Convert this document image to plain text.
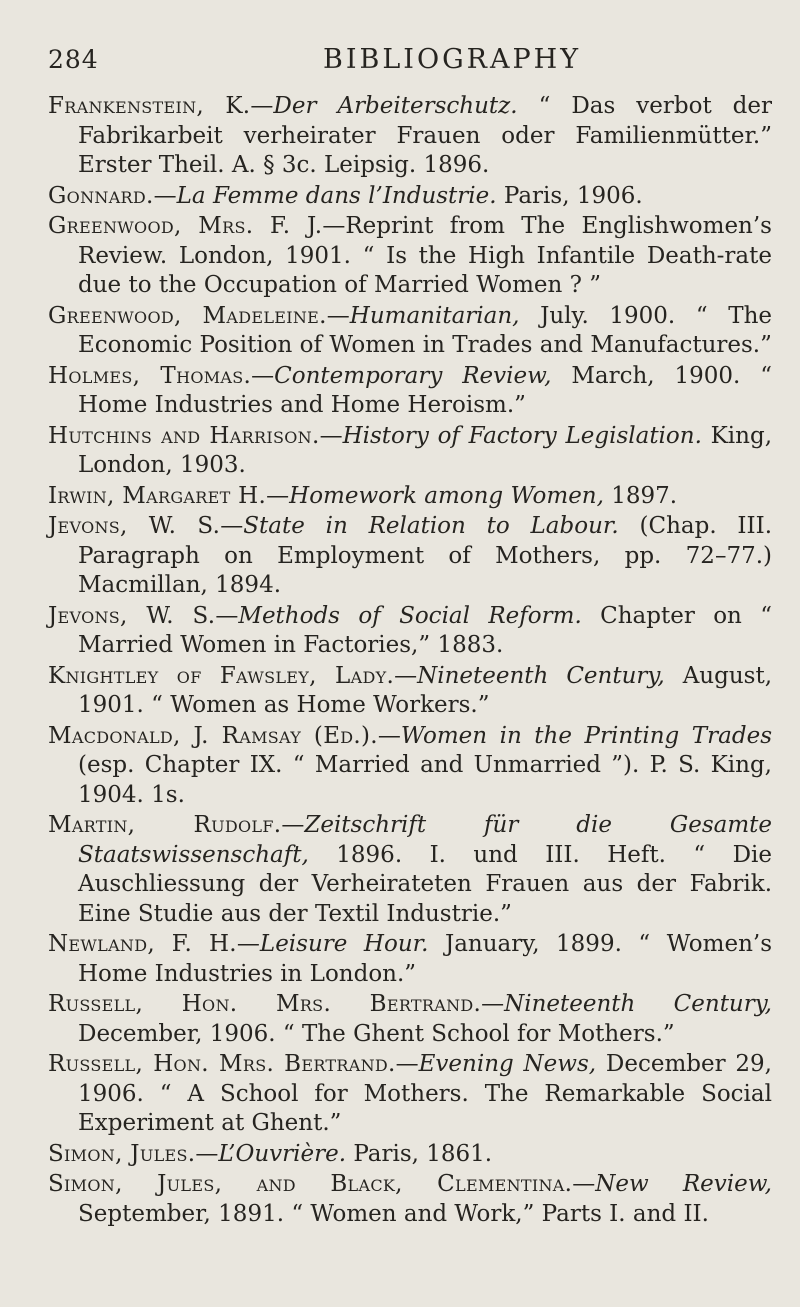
284	BIBLIOGRAPHY
Frankenstein, K.—Der Arbeiterschutz. “ Das verbot der Fabrikarbeit verheirater Frauen oder Familienmütter.” Erster Theil. A. § 3c. Leipsig. 1896.
Gonnard.—La Femme dans l’Industrie. Paris, 1906.
Greenwood, Mrs. F. J.—Reprint from The Englishwomen’s Review. London, 1901. “ Is the High Infantile Death-rate due to the Occupation of Married Women ? ”
Greenwood, Madeleine.—Humanitarian, July. 1900. “ The Economic Position of Women in Trades and Manufactures.”
Holmes, Thomas.—Contemporary Review, March, 1900. “ Home Industries and Home Heroism.”
Hutchins and Harrison.—History of Factory Legislation. King, London, 1903.
Irwin, Margaret H.—Homework among Women, 1897.
Jevons, W. S.—State in Relation to Labour. (Chap. III. Paragraph on Employment of Mothers, pp. 72–77.) Macmillan, 1894.
Jevons, W. S.—Methods of Social Reform. Chapter on “ Married Women in Factories,” 1883.
Knightley of Fawsley, Lady.—Nineteenth Century, August, 1901. “ Women as Home Workers.”
Macdonald, J. Ramsay (Ed.).—Women in the Printing Trades (esp. Chapter IX. “ Married and Unmarried ”). P. S. King, 1904. 1s.
Martin, Rudolf.—Zeitschrift für die Gesamte Staatswissenschaft, 1896. I. und III. Heft. “ Die Auschliessung der Verheirateten Frauen aus der Fabrik. Eine Studie aus der Textil Industrie.”
Newland, F. H.—Leisure Hour. January, 1899. “ Women’s Home Industries in London.”
Russell, Hon. Mrs. Bertrand.—Nineteenth Century, December, 1906. “ The Ghent School for Mothers.”
Russell, Hon. Mrs. Bertrand.—Evening News, December 29, 1906. “ A School for Mothers. The Remarkable Social Experiment at Ghent.”
Simon, Jules.—L’Ouvrière. Paris, 1861.
Simon, Jules, and Black, Clementina.—New Review, September, 1891. “ Women and Work,” Parts I. and II.
